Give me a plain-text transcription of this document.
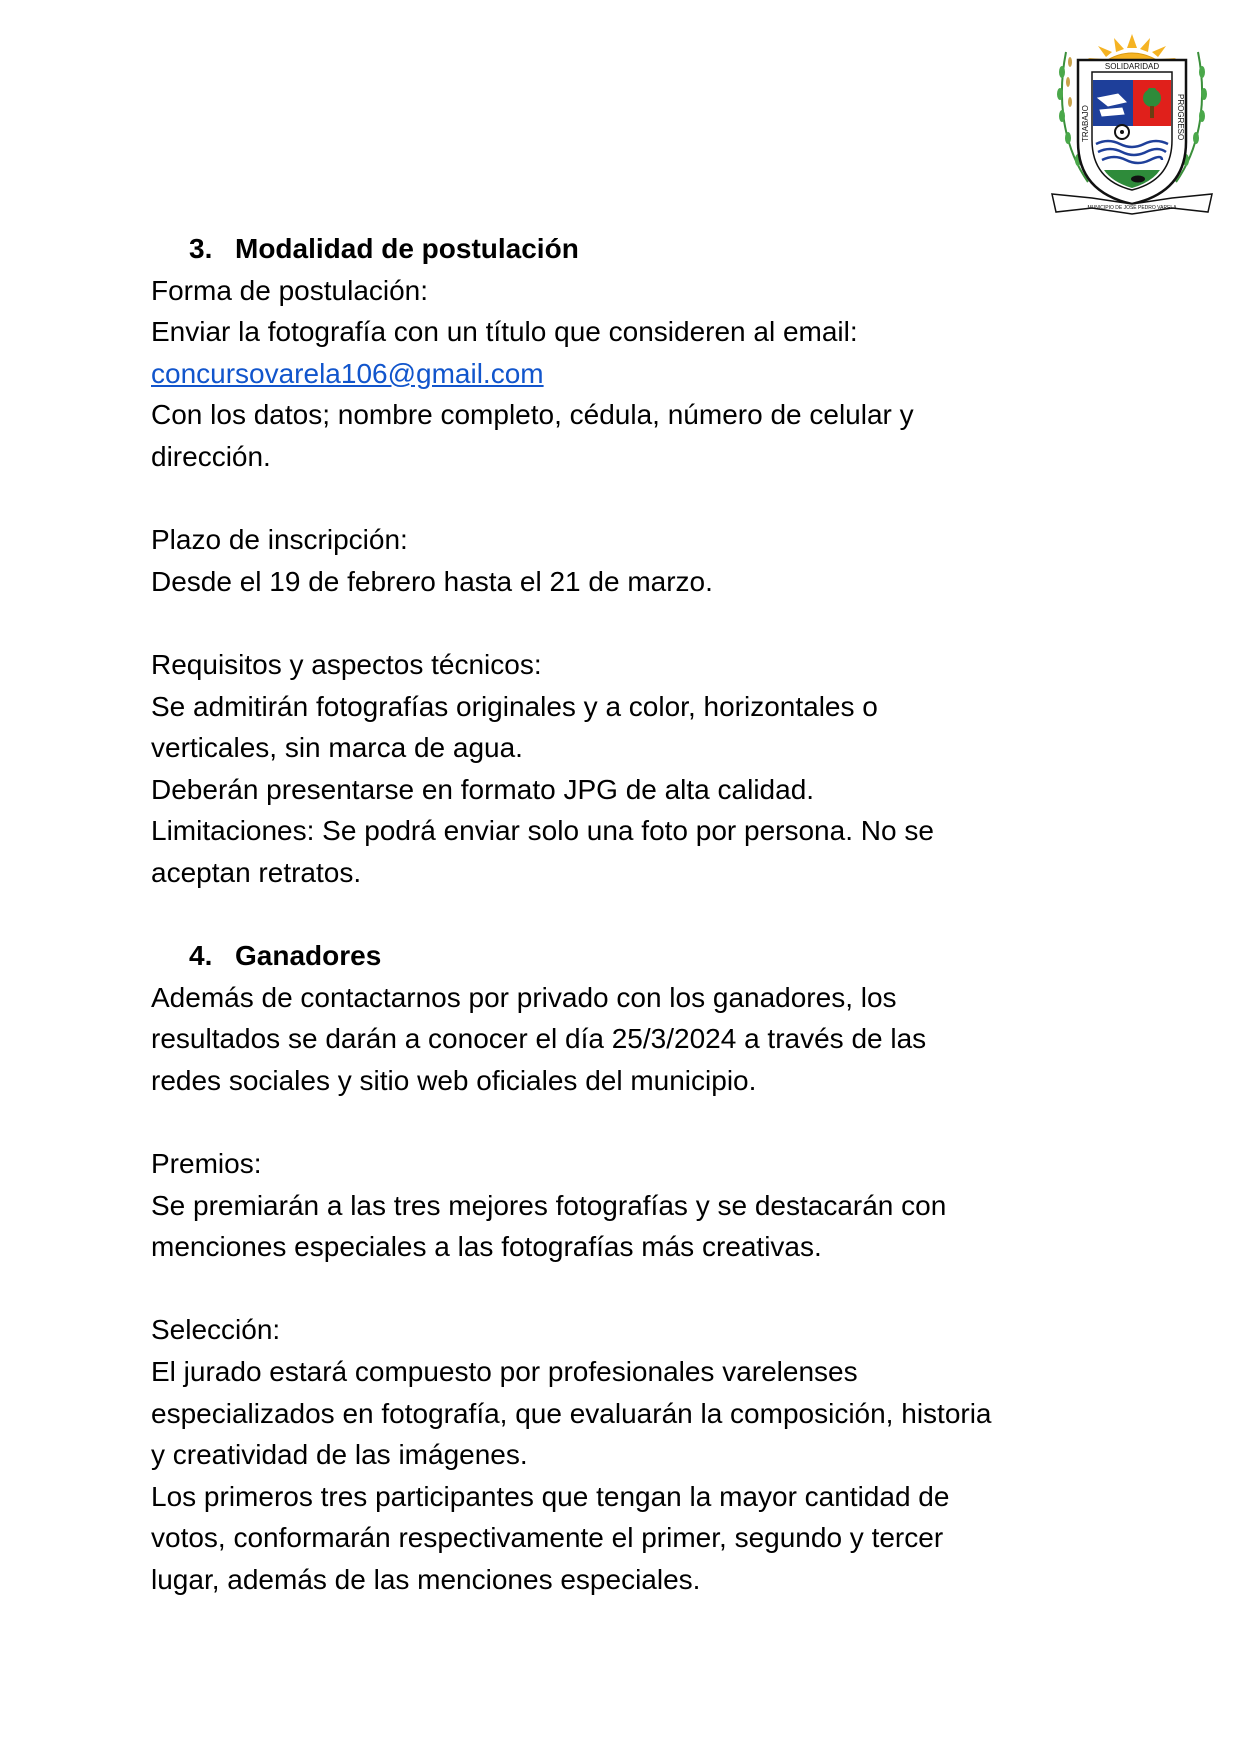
SOLIDARIDAD
TRABAJO	PROGRESO
MUNICIPIO DE JOSÉ PEDRO VARELA
3. Modalidad de postulación
Forma de postulación:
Enviar la fotografía con un título que consideren al email:
concursovarela106@gmail.com
Con los datos; nombre completo, cédula, número de celular y
dirección.
Plazo de inscripción:
Desde el 19 de febrero hasta el 21 de marzo.
Requisitos y aspectos técnicos:
Se admitirán fotografías originales y a color, horizontales o
verticales, sin marca de agua.
Deberán presentarse en formato JPG de alta calidad.
Limitaciones: Se podrá enviar solo una foto por persona. No se
aceptan retratos.
4. Ganadores
Además de contactarnos por privado con los ganadores, los
resultados se darán a conocer el día 25/3/2024 a través de las
redes sociales y sitio web oficiales del municipio.
Premios:
Se premiarán a las tres mejores fotografías y se destacarán con
menciones especiales a las fotografías más creativas.
Selección:
El jurado estará compuesto por profesionales varelenses
especializados en fotografía, que evaluarán la composición, historia
y creatividad de las imágenes.
Los primeros tres participantes que tengan la mayor cantidad de
votos, conformarán respectivamente el primer, segundo y tercer
lugar, además de las menciones especiales.
